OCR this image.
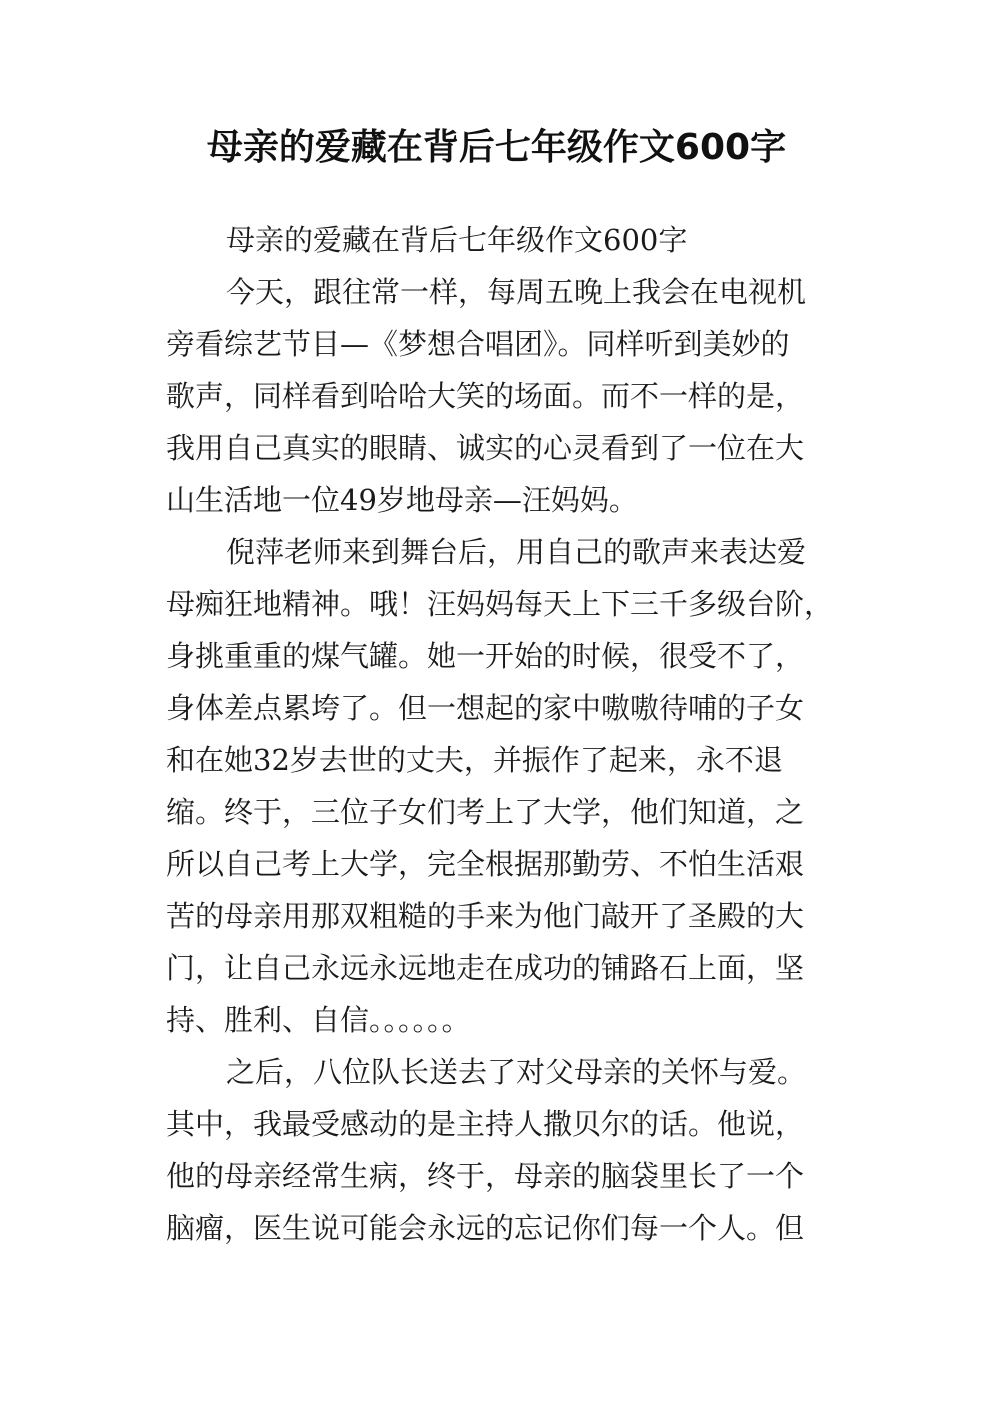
母亲的爱藏在背后七年级作文600字
母亲的爱藏在背后七年级作文600字
今天，跟往常一样，每周五晚上我会在电视机
旁看综艺节目—《梦想合唱团》。同样听到美妙的
歌声，同样看到哈哈大笑的场面。而不一样的是，
我用自己真实的眼睛、诚实的心灵看到了一位在大
山生活地一位49岁地母亲—汪妈妈。
倪萍老师来到舞台后，用自己的歌声来表达爱
母痴狂地精神。哦！汪妈妈每天上下三千多级台阶，
身挑重重的煤气罐。她一开始的时候，很受不了，
身体差点累垮了。但一想起的家中嗷嗷待哺的子女
和在她32岁去世的丈夫，并振作了起来，永不退
缩。终于，三位子女们考上了大学，他们知道，之
所以自己考上大学，完全根据那勤劳、不怕生活艰
苦的母亲用那双粗糙的手来为他门敲开了圣殿的大
门，让自己永远永远地走在成功的铺路石上面，坚
持、胜利、自信。。。。。。
之后，八位队长送去了对父母亲的关怀与爱。
其中，我最受感动的是主持人撒贝尔的话。他说，
他的母亲经常生病，终于，母亲的脑袋里长了一个
脑瘤，医生说可能会永远的忘记你们每一个人。但
